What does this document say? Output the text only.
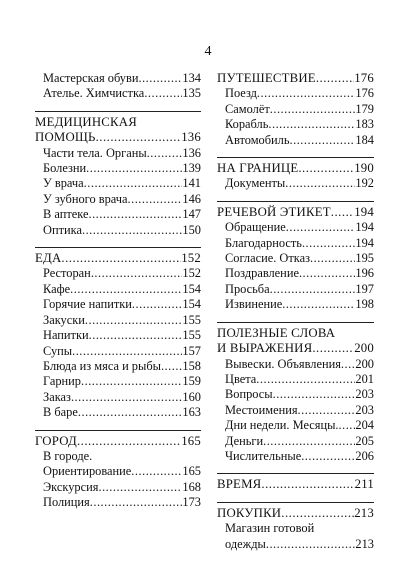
4
Мастерская обуви .....	134
Ателье. Химчистка .....	135
МЕДИЦИНСКАЯ
ПОМОЩЬ .....	136
Части тела. Органы .....	136
Болезни .....	139
У врача .....	141
У зубного врача .....	146
В аптеке .....	147
Оптика .....	150
ЕДА .....	152
Ресторан .....	152
Кафе .....	154
Горячие напитки .....	154
Закуски .....	155
Напитки .....	155
Супы .....	157
Блюда из мяса и рыбы ..... 158
Гарнир .....	159
Заказ .....	160
В баре .....	163
ГОРОД .....	165
В городе.
Ориентирование .....	165
Экскурсия .....	168
Полиция .....	173
ПУТЕШЕСТВИЕ .....	176
Поезд .....	176
Самолёт .....	179
Корабль .....	183
Автомобиль .....	184
НА ГРАНИЦЕ .....	190
Документы .....	192
РЕЧЕВОЙ ЭТИКЕТ ..... 194
Обращение .....	194
Благодарность .....	194
Согласие. Отказ .....	195
Поздравление .....	196
Просьба .....	197
Извинение .....	198
ПОЛЕЗНЫЕ СЛОВА
И ВЫРАЖЕНИЯ .....	200
Вывески. Объявления ..... 200
Цвета .....	201
Вопросы .....	203
Местоимения .....	203
Дни недели. Месяцы. ..... 204
Деньги .....	205
Числительные .....	206
ВРЕМЯ .....	211
ПОКУПКИ .....	213
Магазин готовой
одежды .....	213
